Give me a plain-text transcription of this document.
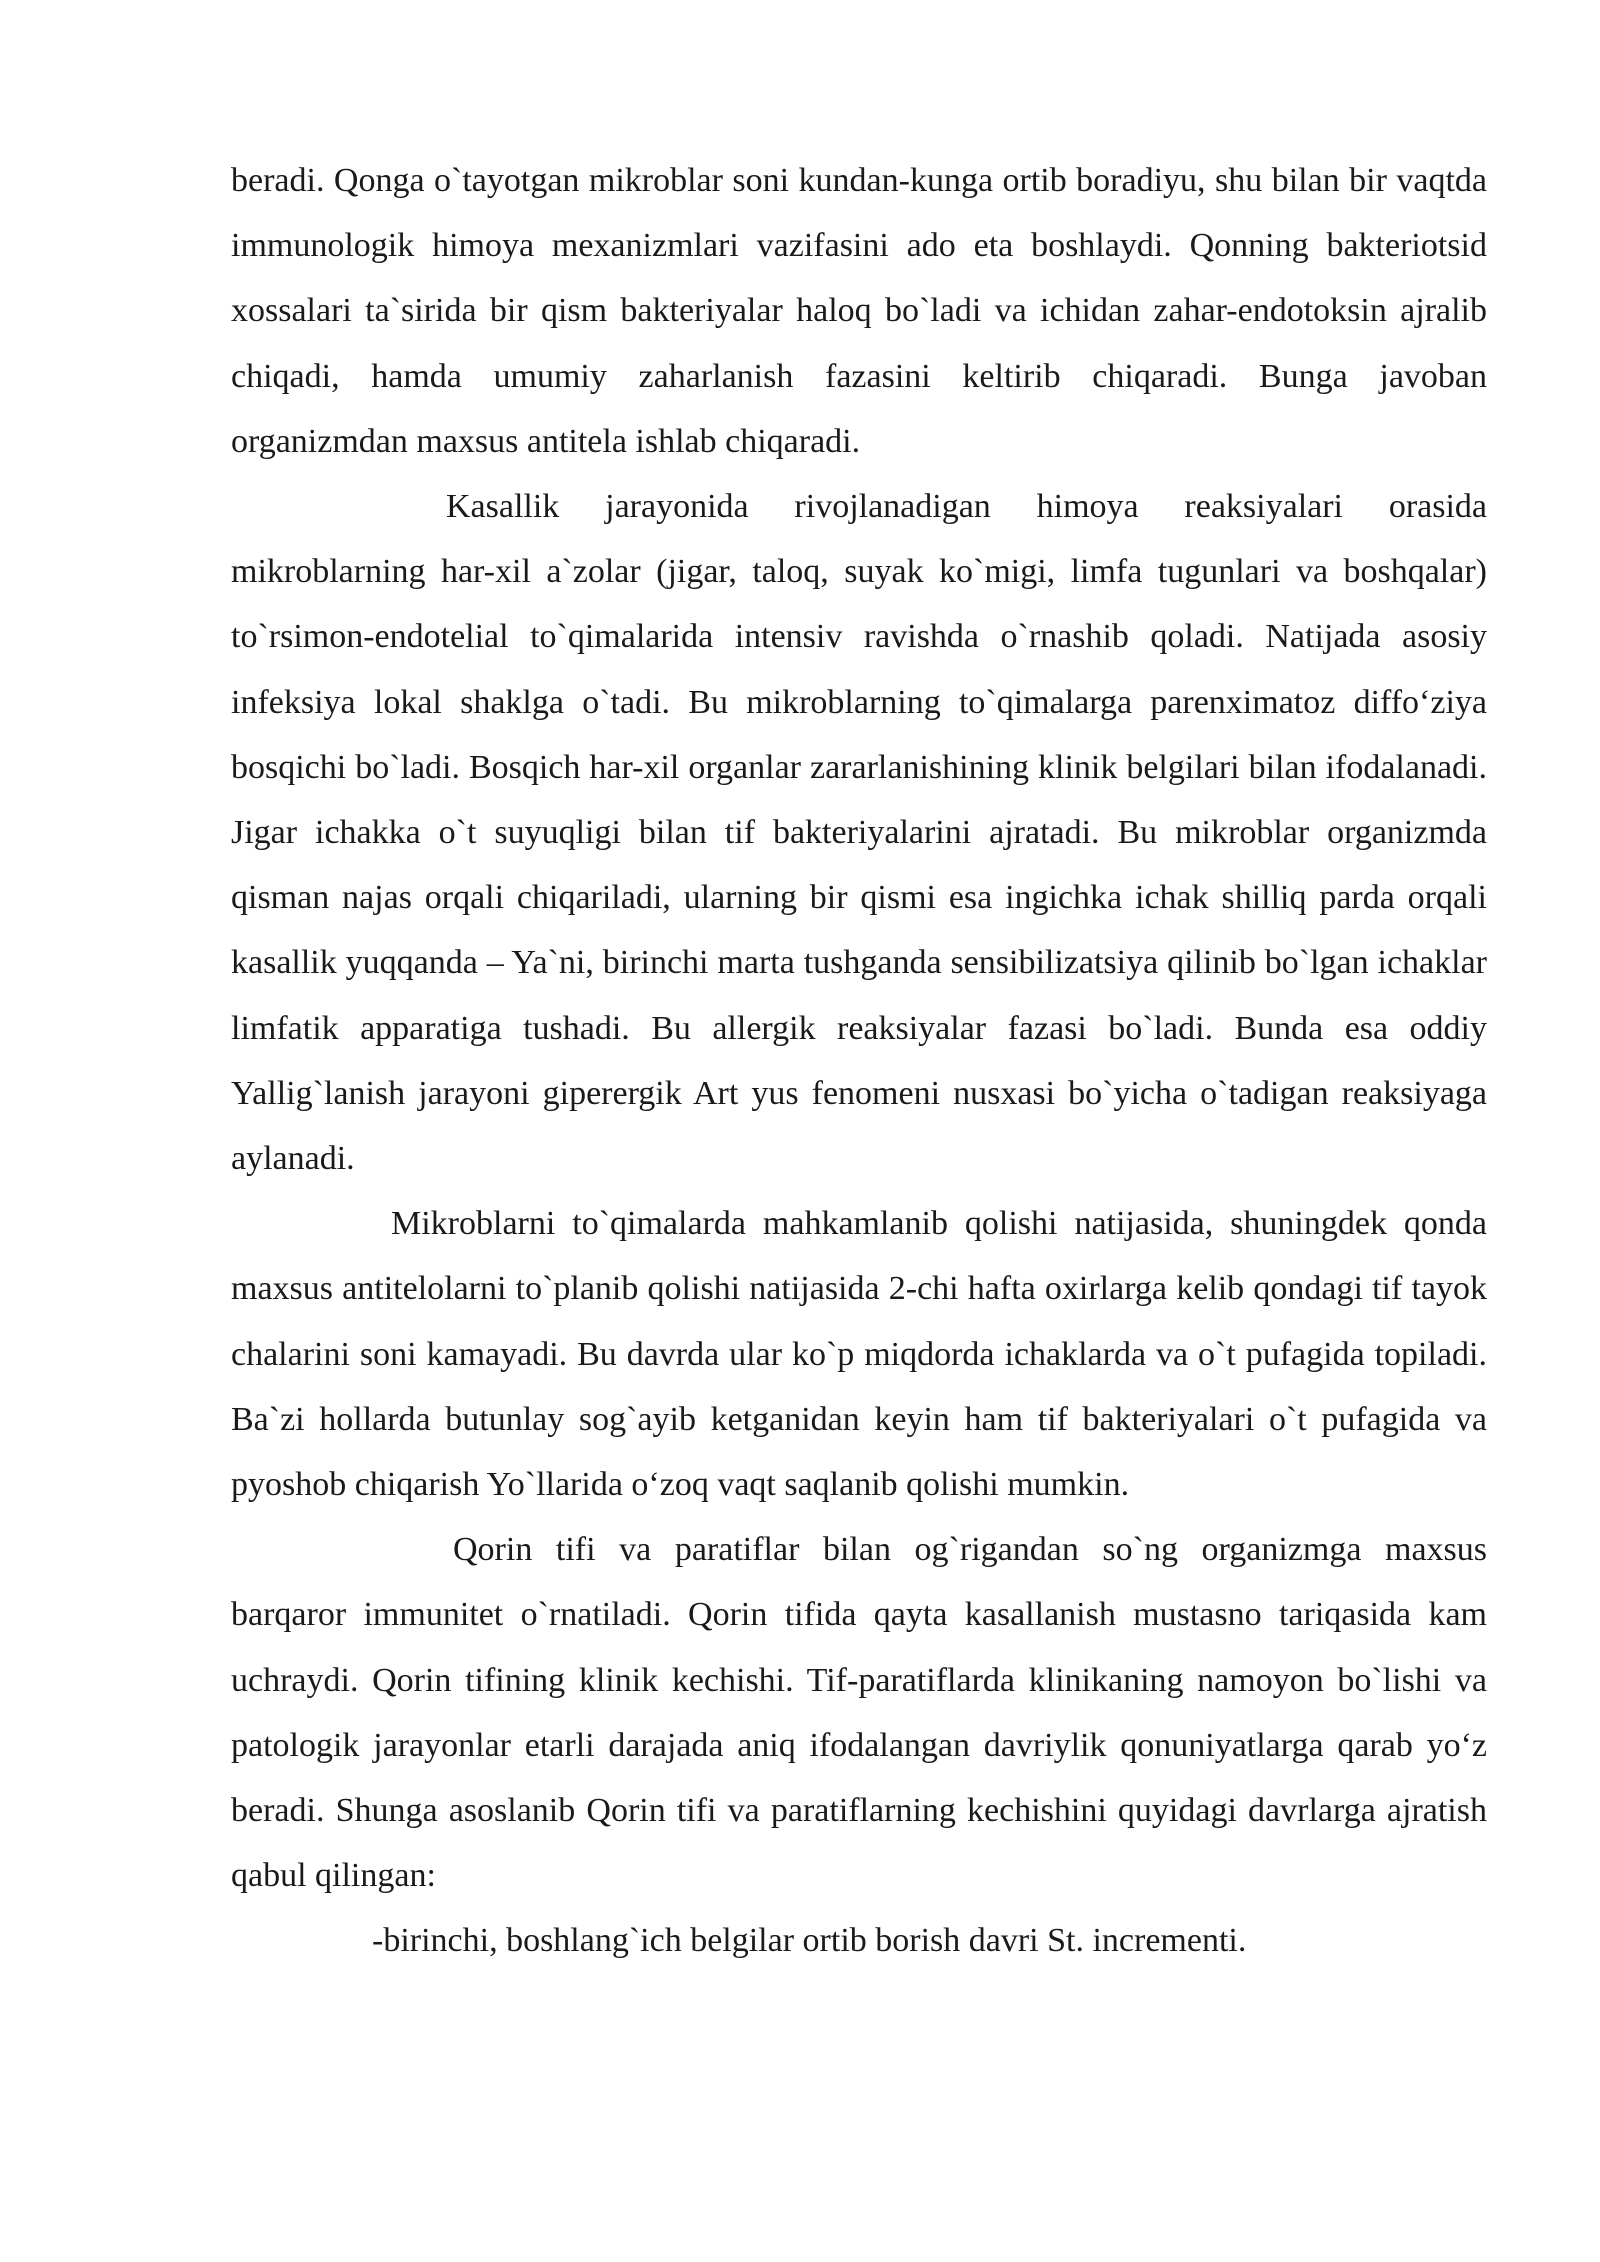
beradi. Qonga o`tayotgan mikroblar soni kundan-kunga ortib boradiyu, shu bilan bir vaqtda immunologik himoya mexanizmlari vazifasini ado eta boshlaydi. Qonning bakteriotsid xossalari ta`sirida bir qism bakteriyalar haloq bo`ladi va ichidan zahar-endotoksin ajralib chiqadi, hamda umumiy zaharlanish fazasini keltirib chiqaradi. Bunga javoban organizmdan maxsus antitela ishlab chiqaradi.

Kasallik jarayonida rivojlanadigan himoya reaksiyalari orasida mikroblarning har-xil a`zolar (jigar, taloq, suyak ko`migi, limfa tugunlari va boshqalar) to`rsimon-endotelial to`qimalarida intensiv ravishda o`rnashib qoladi. Natijada asosiy infeksiya lokal shaklga o`tadi. Bu mikroblarning to`qimalarga parenximatoz diffo‘ziya bosqichi bo`ladi. Bosqich har-xil organlar zararlanishining klinik belgilari bilan ifodalanadi. Jigar ichakka o`t suyuqligi bilan tif bakteriyalarini ajratadi. Bu mikroblar organizmda qisman najas orqali chiqariladi, ularning bir qismi esa ingichka ichak shilliq parda orqali kasallik yuqqanda – Ya`ni, birinchi marta tushganda sensibilizatsiya qilinib bo`lgan ichaklar limfatik apparatiga tushadi. Bu allergik reaksiyalar fazasi bo`ladi. Bunda esa oddiy Yallig`lanish jarayoni giperergik Art yus fenomeni nusxasi bo`yicha o`tadigan reaksiyaga aylanadi.

Mikroblarni to`qimalarda mahkamlanib qolishi natijasida, shuningdek qonda maxsus antitelolarni to`planib qolishi natijasida 2-chi hafta oxirlarga kelib qondagi tif tayok chalarini soni kamayadi. Bu davrda ular ko`p miqdorda ichaklarda va o`t pufagida topiladi. Ba`zi hollarda butunlay sog`ayib ketganidan keyin ham tif bakteriyalari o`t pufagida va pyoshob chiqarish Yo`llarida o‘zoq vaqt saqlanib qolishi mumkin.

Qorin tifi va paratiflar bilan og`rigandan so`ng organizmga maxsus barqaror immunitet o`rnatiladi. Qorin tifida qayta kasallanish mustasno tariqasida kam uchraydi. Qorin tifining klinik kechishi. Tif-paratiflarda klinikaning namoyon bo`lishi va patologik jarayonlar etarli darajada aniq ifodalangan davriylik qonuniyatlarga qarab yo‘z beradi. Shunga asoslanib Qorin tifi va paratiflarning kechishini quyidagi davrlarga ajratish qabul qilingan:

-birinchi, boshlang`ich belgilar ortib borish davri St. incrementi.
